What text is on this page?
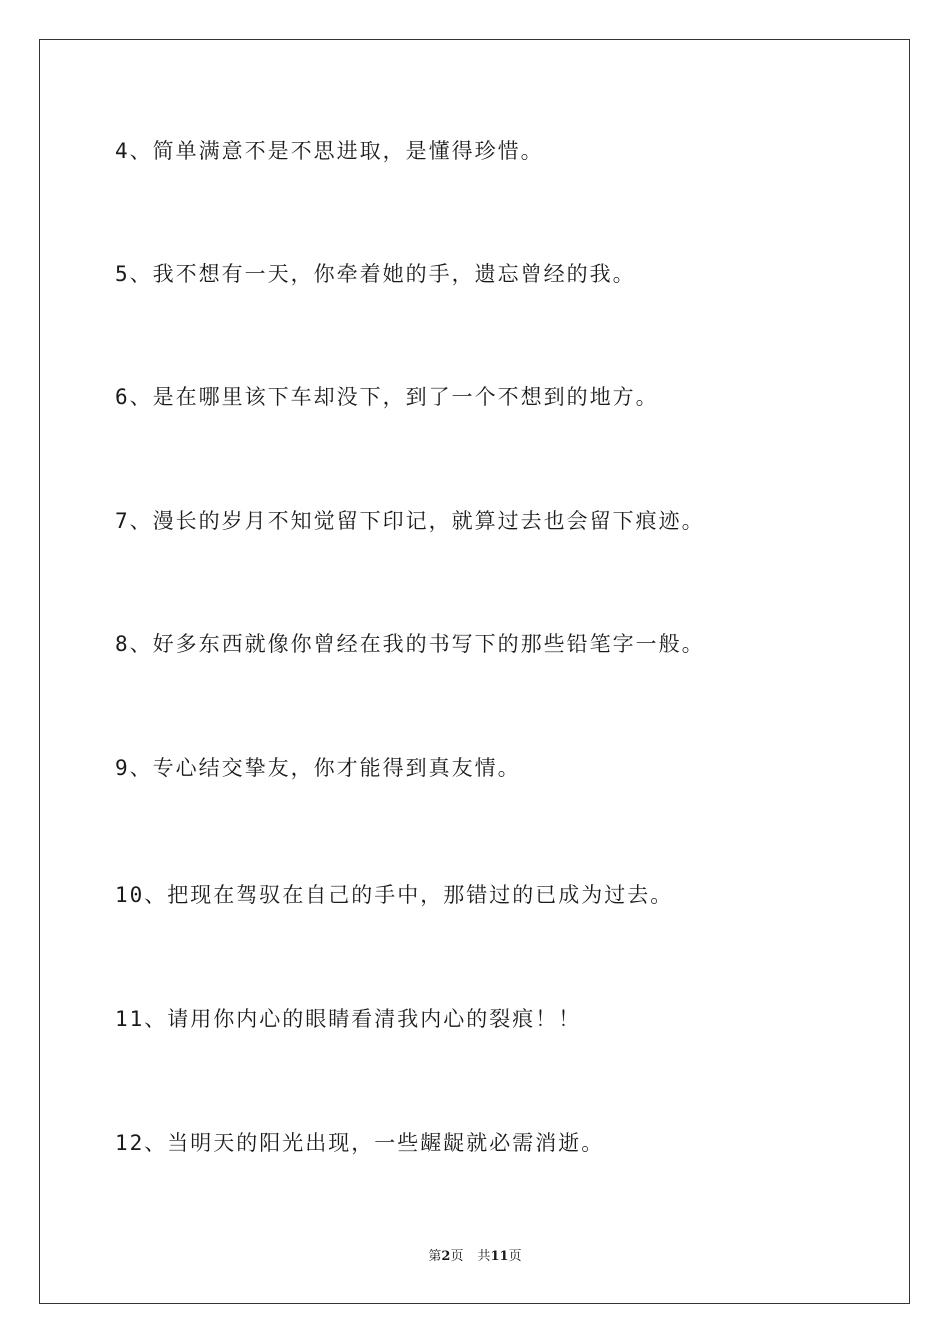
4、简单满意不是不思进取，是懂得珍惜。
5、我不想有一天，你牵着她的手，遗忘曾经的我。
6、是在哪里该下车却没下，到了一个不想到的地方。
7、漫长的岁月不知觉留下印记，就算过去也会留下痕迹。
8、好多东西就像你曾经在我的书写下的那些铅笔字一般。
9、专心结交挚友，你才能得到真友情。
10、把现在驾驭在自己的手中，那错过的已成为过去。
11、请用你内心的眼睛看清我内心的裂痕！！
12、当明天的阳光出现，一些龌龊就必需消逝。
第2页 共11页
